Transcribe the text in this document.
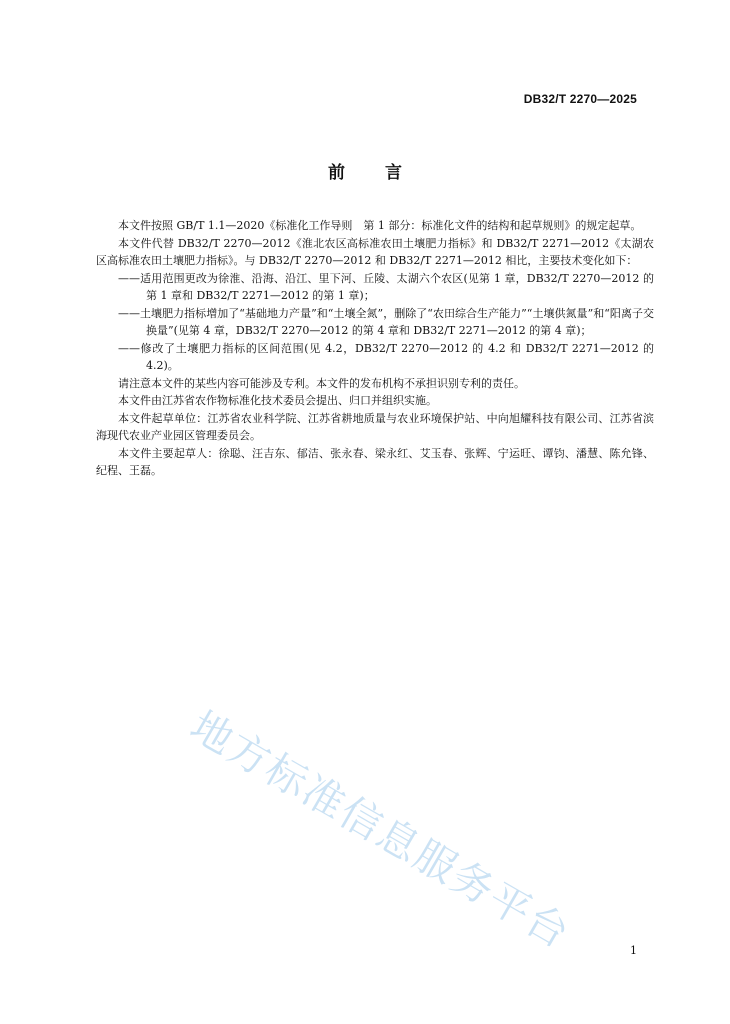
DB32/T 2270—2025
前言

本文件按照 GB/T 1.1—2020《标准化工作导则　第 1 部分：标准化文件的结构和起草规则》的规定起草。

本文件代替 DB32/T 2270—2012《淮北农区高标准农田土壤肥力指标》和 DB32/T 2271—2012《太湖农区高标准农田土壤肥力指标》。与 DB32/T 2270—2012 和 DB32/T 2271—2012 相比，主要技术变化如下：

——适用范围更改为徐淮、沿海、沿江、里下河、丘陵、太湖六个农区(见第 1 章，DB32/T 2270—2012 的第 1 章和 DB32/T 2271—2012 的第 1 章)；

——土壤肥力指标增加了“基础地力产量”和“土壤全氮”，删除了“农田综合生产能力”“土壤供氮量”和“阳离子交换量”(见第 4 章，DB32/T 2270—2012 的第 4 章和 DB32/T 2271—2012 的第 4 章)；

——修改了土壤肥力指标的区间范围(见 4.2，DB32/T 2270—2012 的 4.2 和 DB32/T 2271—2012 的 4.2)。

请注意本文件的某些内容可能涉及专利。本文件的发布机构不承担识别专利的责任。

本文件由江苏省农作物标准化技术委员会提出、归口并组织实施。

本文件起草单位：江苏省农业科学院、江苏省耕地质量与农业环境保护站、中向旭耀科技有限公司、江苏省滨海现代农业产业园区管理委员会。

本文件主要起草人：徐聪、汪吉东、郁洁、张永春、梁永红、艾玉春、张辉、宁运旺、谭钧、潘慧、陈允锋、纪程、王磊。

地方标准信息服务平台	1
